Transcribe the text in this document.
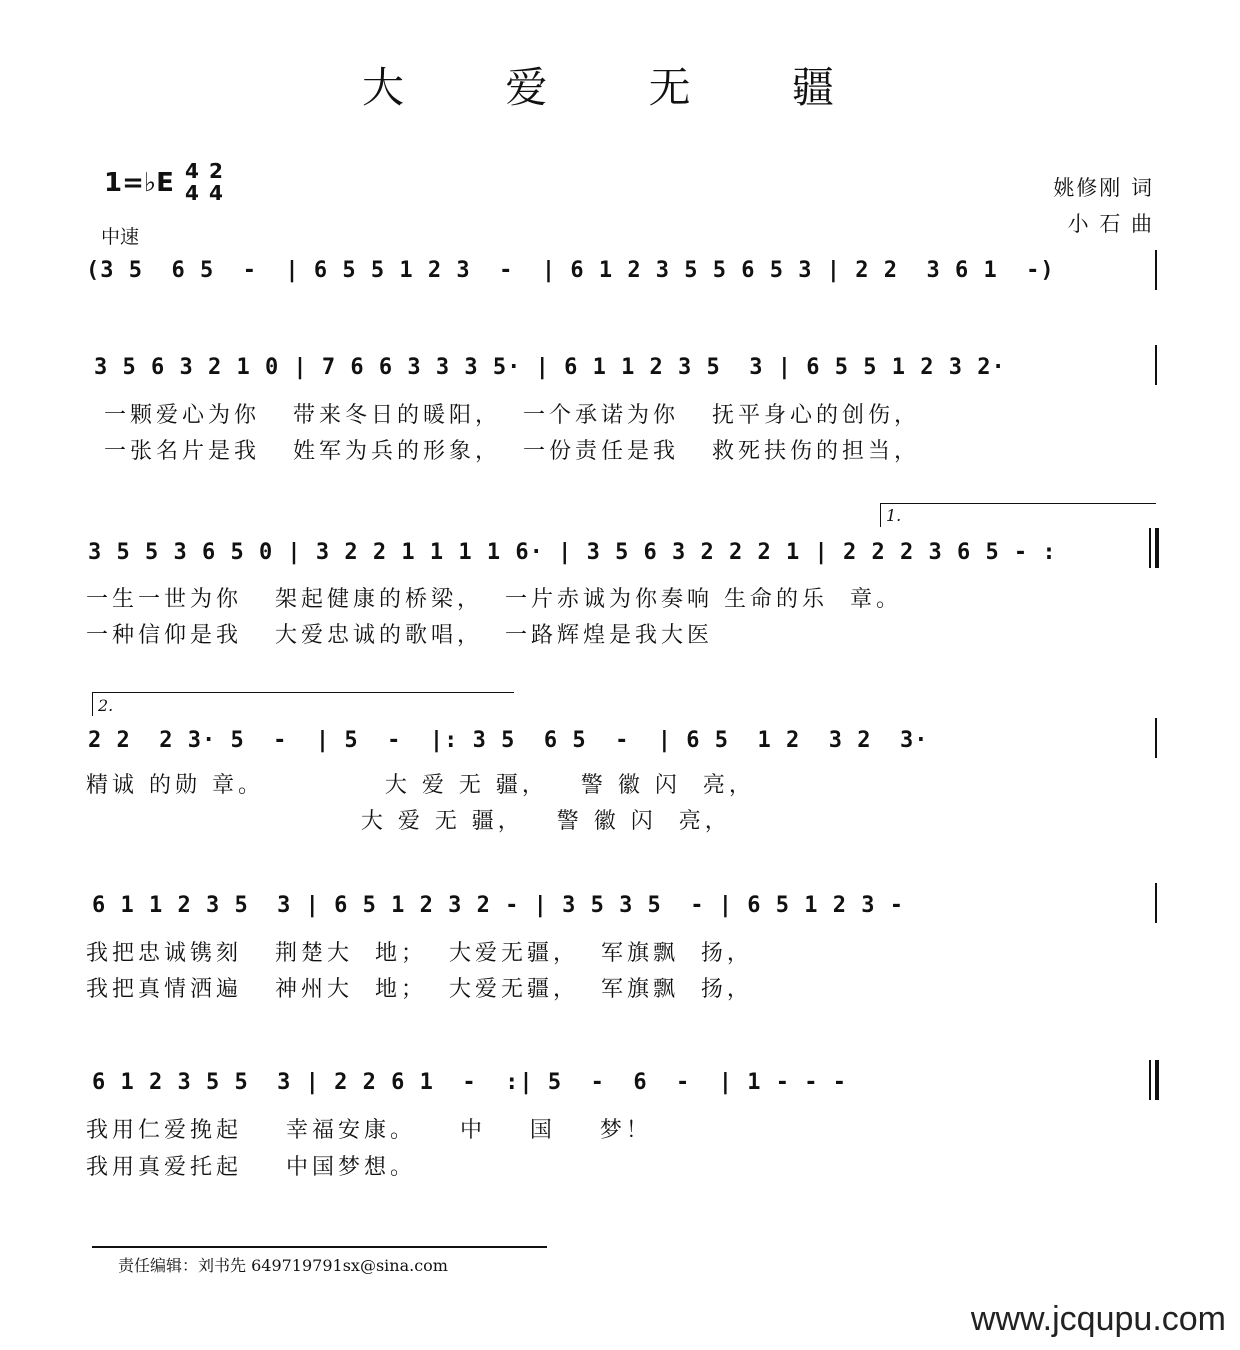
大 爱 无 疆
1=♭E 4
4
2
4
中速
姚修刚 词
小 石 曲
(3 5  6 5  -  | 6 5 5 1 2 3  -  | 6 1 2 3 5 5 6 5 3 | 2 2  3 6 1  -)
3 5 6 3 2 1 0 | 7 6 6 3 3 3 5· | 6 1 1 2 3 5  3 | 6 5 5 1 2 3 2·
一颗爱心为你   带来冬日的暖阳，  一个承诺为你   抚平身心的创伤，
一张名片是我   姓军为兵的形象，  一份责任是我   救死扶伤的担当，
3 5 5 3 6 5 0 | 3 2 2 1 1 1 1 6· | 3 5 6 3 2 2 2 1 | 2 2 2 3 6 5 - :
一生一世为你   架起健康的桥梁，  一片赤诚为你奏响 生命的乐  章。
一种信仰是我   大爱忠诚的歌唱，  一路辉煌是我大医
1.
2.
2 2  2 3· 5  -  | 5  -  |: 3 5  6 5  -  | 6 5  1 2  3 2  3·
精诚 的勋 章。           大 爱 无 疆，   警 徽 闪  亮，
大 爱 无 疆，   警 徽 闪  亮，
6 1 1 2 3 5  3 | 6 5 1 2 3 2 - | 3 5 3 5  - | 6 5 1 2 3 -
我把忠诚镌刻   荆楚大  地；  大爱无疆，  军旗飘  扬，
我把真情洒遍   神州大  地；  大爱无疆，  军旗飘  扬，
6 1 2 3 5 5  3 | 2 2 6 1  -  :| 5  -  6  -  | 1 - - -
我用仁爱挽起    幸福安康。    中    国    梦！
我用真爱托起    中国梦想。
责任编辑：刘书先 649719791sx@sina.com
www.jcqupu.com
